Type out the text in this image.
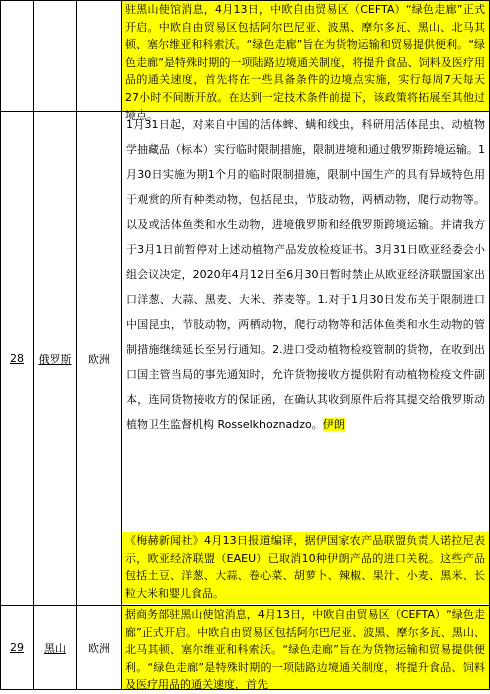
			驻黑山使馆消息，4月13日，中欧自由贸易区（CEFTA）“绿色走廊”正式开启。中欧自由贸易区包括阿尔巴尼亚、波黑、摩尔多瓦、黑山、北马其顿、塞尔维亚和科索沃。“绿色走廊”旨在为货物运输和贸易提供便利。“绿色走廊”是特殊时期的一项陆路边境通关制度，将提升食品、饲料及医疗用品的通关速度，首先将在一些具备条件的边境点实施，实行每周7天每天27小时不间断开放。在达到一定技术条件前提下，该政策将拓展至其他过境点。

28	俄罗斯	欧洲	1月31日起，对来自中国的活体蜱、螨和线虫，科研用活体昆虫、动植物学抽藏品（标本）实行临时限制措施，限制进境和通过俄罗斯跨境运输。1月30日实施为期1个月的临时限制措施，限制中国生产的具有异域特色用于观赏的所有种类动物，包括昆虫，节肢动物，两栖动物，爬行动物等。以及或活体鱼类和水生动物，进境俄罗斯和经俄罗斯跨境运输。并请我方于3月1日前暂停对上述动植物产品发放检疫证书。3月31日欧亚经委会小组会议决定，2020年4月12日至6月30日暂时禁止从欧亚经济联盟国家出口洋葱、大蒜、黑麦、大米、荞麦等。1.对于1月30日发布关于限制进口中国昆虫，节肢动物，两栖动物，爬行动物等和活体鱼类和水生动物的管制措施继续延长至另行通知。2.进口受动植物检疫管制的货物，在收到出口国主管当局的事先通知时，允许货物接收方提供附有动植物检疫文件副本，连同货物接收方的保证函，在确认其收到原件后将其提交给俄罗斯动植物卫生监督机构 Rosselkhoznadzo。伊朗
《梅赫新闻社》4月13日报道编译，据伊国家农产品联盟负责人诺拉尼表示，欧亚经济联盟（EAEU）已取消10种伊朗产品的进口关税。这些产品包括土豆、洋葱、大蒜、卷心菜、胡萝卜、辣椒、果汁、小麦、黑米、长粒大米和婴儿食品。

29	黑山	欧洲	据商务部驻黑山使馆消息，4月13日，中欧自由贸易区（CEFTA）“绿色走廊”正式开启。中欧自由贸易区包括阿尔巴尼亚、波黑、摩尔多瓦、黑山、北马其顿、塞尔维亚和科索沃。“绿色走廊”旨在为货物运输和贸易提供便利。“绿色走廊”是特殊时期的一项陆路边境通关制度，将提升食品、饲料及医疗用品的通关速度，首先
